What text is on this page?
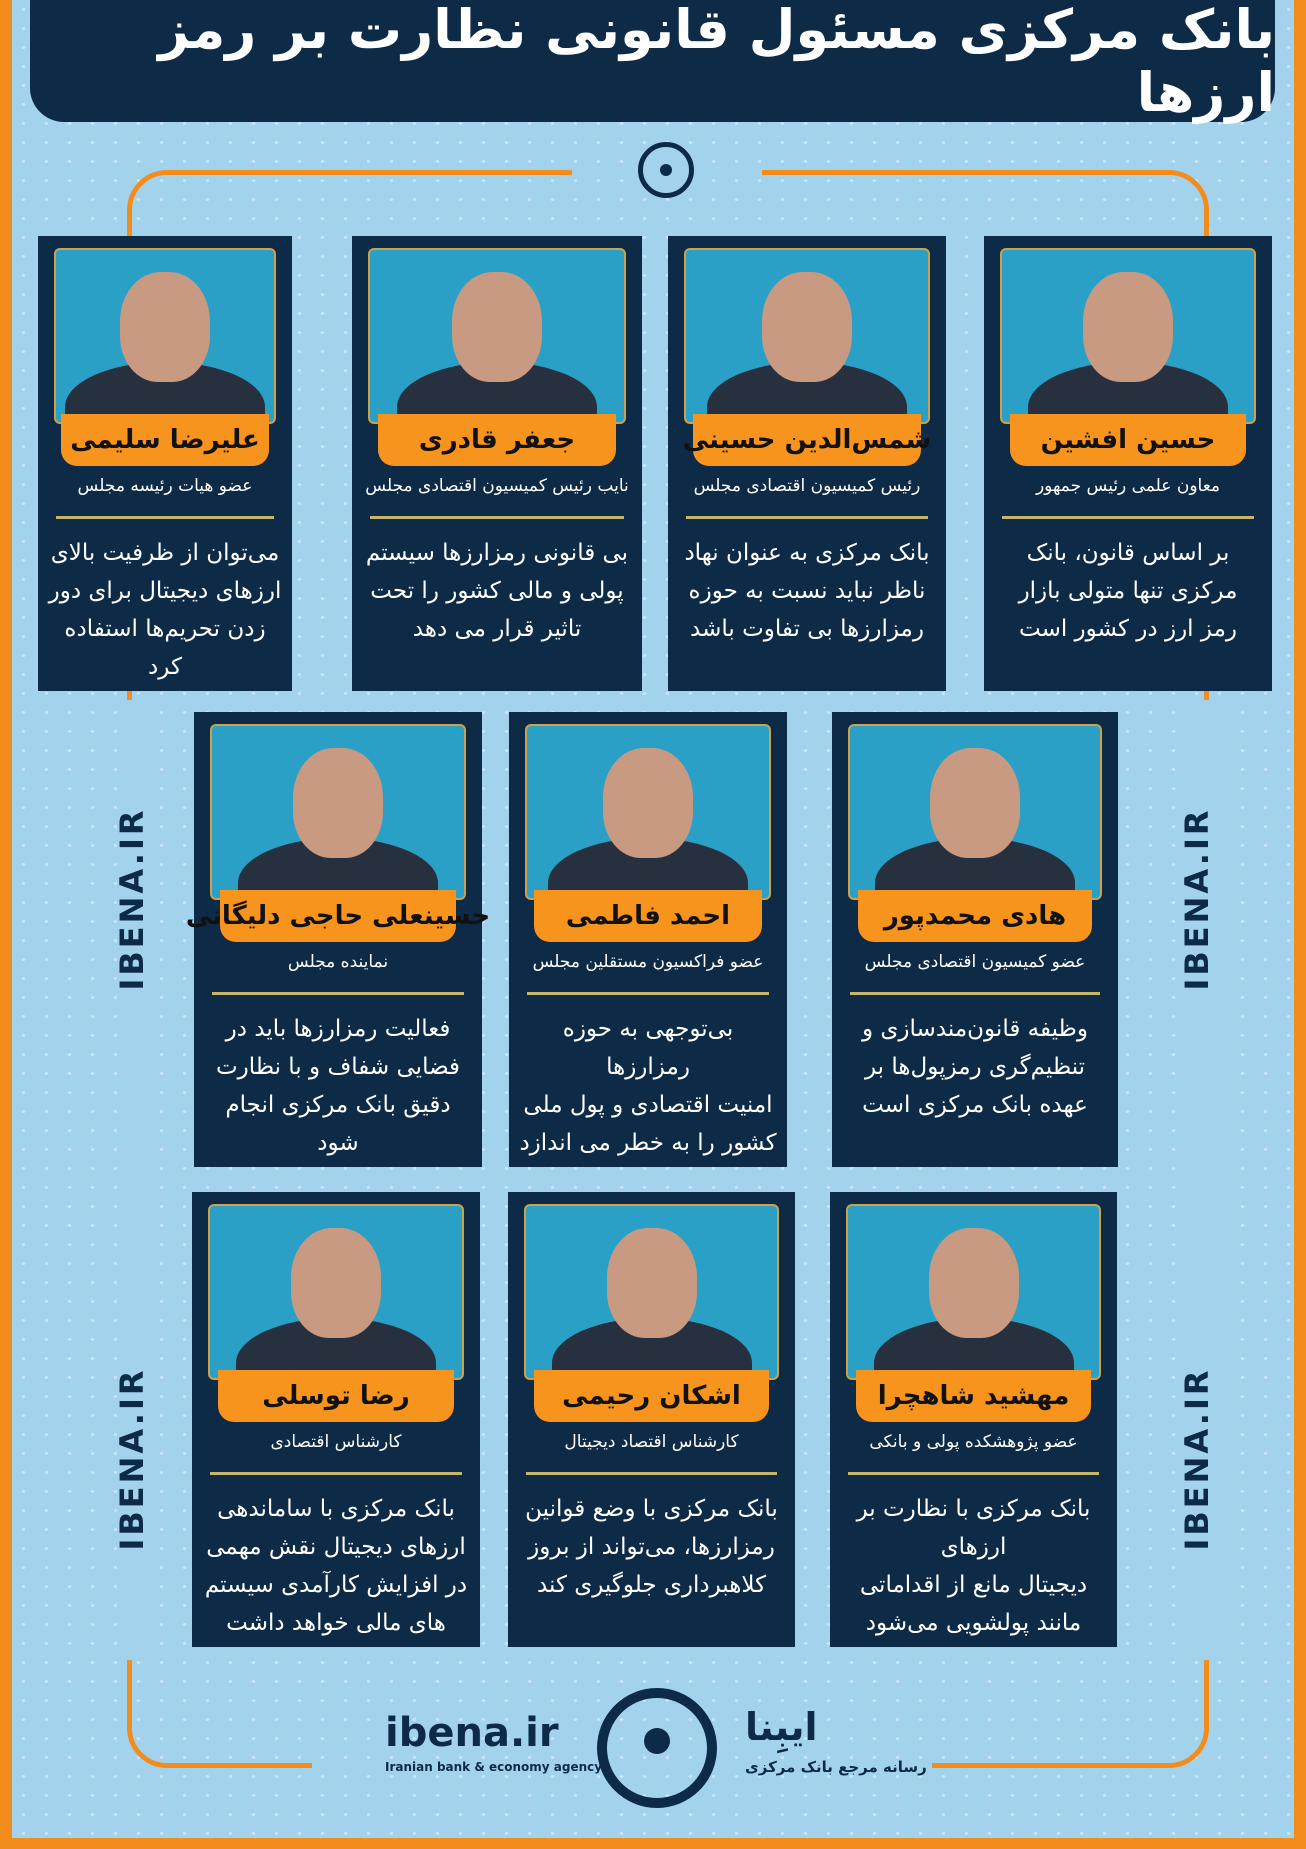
IBENA.IR
IBENA.IR
IBENA.IR
IBENA.IR
بانک مرکزی مسئول قانونی نظارت بر رمز ارزها
حسین افشین
معاون علمی رئیس جمهور
بر اساس قانون، بانک
مرکزی تنها متولی بازار
رمز ارز در کشور است
شمس‌الدین حسینی
رئیس کمیسیون اقتصادی مجلس
بانک مرکزی به عنوان نهاد
ناظر نباید نسبت به حوزه
رمزارزها بی تفاوت باشد
جعفر قادری
نایب رئیس کمیسیون اقتصادی مجلس
بی قانونی رمزارزها سیستم
پولی و مالی کشور را تحت
تاثیر قرار می دهد
علیرضا سلیمی
عضو هیات رئیسه مجلس
می‌توان از ظرفیت بالای
ارزهای دیجیتال برای دور
زدن تحریم‌ها استفاده کرد
هادی محمدپور
عضو کمیسیون اقتصادی مجلس
وظیفه قانون‌مندسازی و
تنظیم‌گری رمزپول‌ها بر
عهده بانک مرکزی است
احمد فاطمی
عضو فراکسیون مستقلین مجلس
بی‌توجهی به حوزه رمزارزها
امنیت اقتصادی و پول ملی
کشور را به خطر می اندازد
حسینعلی حاجی دلیگانی
نماینده مجلس
فعالیت رمزارزها باید در
فضایی شفاف و با نظارت
دقیق بانک مرکزی انجام شود
مهشید شاهچرا
عضو پژوهشکده پولی و بانکی
بانک مرکزی با نظارت بر ارزهای
دیجیتال مانع از اقداماتی
مانند پولشویی می‌شود
اشکان رحیمی
کارشناس اقتصاد دیجیتال
بانک مرکزی با وضع قوانین
رمزارزها، می‌تواند از بروز
کلاهبرداری جلوگیری کند
رضا توسلی
کارشناس اقتصادی
بانک مرکزی با ساماندهی
ارزهای دیجیتال نقش مهمی
در افزایش کارآمدی سیستم
های مالی خواهد داشت
ibena.ir
Iranian bank & economy agency
ایبِنا
رسانه مرجع بانک مرکزی
